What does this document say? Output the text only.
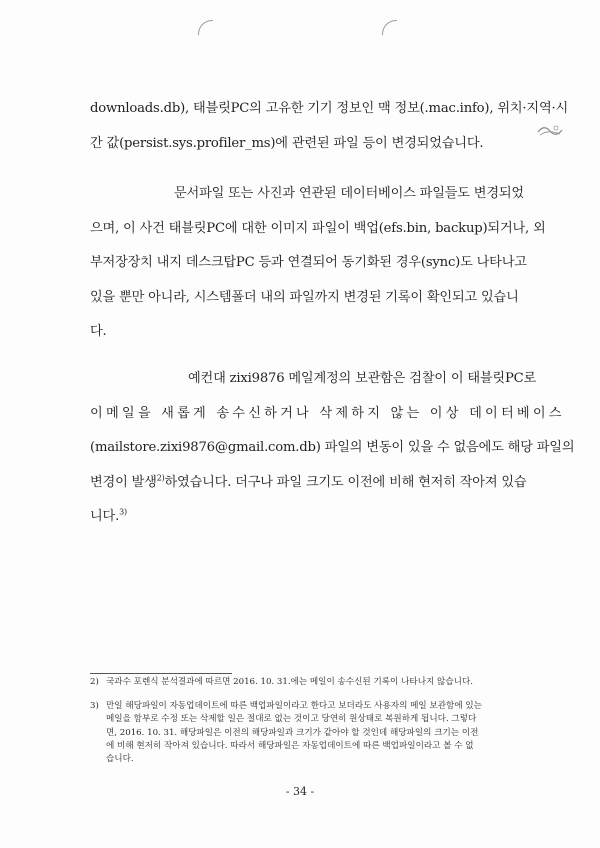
downloads.db), 태블릿PC의 고유한 기기 정보인 맥 정보(.mac.info), 위치·지역·시
간 값(persist.sys.profiler_ms)에 관련된 파일 등이 변경되었습니다.
문서파일 또는 사진과 연관된 데이터베이스 파일들도 변경되었
으며, 이 사건 태블릿PC에 대한 이미지 파일이 백업(efs.bin, backup)되거나, 외
부저장장치 내지 데스크탑PC 등과 연결되어 동기화된 경우(sync)도 나타나고
있을 뿐만 아니라, 시스템폴더 내의 파일까지 변경된 기록이 확인되고 있습니
다.
예컨대 zixi9876 메일계정의 보관함은 검찰이 이 태블릿PC로
이메일을 새롭게 송수신하거나 삭제하지 않는 이상 데이터베이스
(mailstore.zixi9876@gmail.com.db) 파일의 변동이 있을 수 없음에도 해당 파일의
변경이 발생$^{2)}$하였습니다. 더구나 파일 크기도 이전에 비해 현저히 작아져 있습
니다.$^{3)}$
2) 국과수 포렌식 분석결과에 따르면 2016. 10. 31.에는 메일이 송수신된 기록이 나타나지 않습니다.
3) 만일 해당파일이 자동업데이트에 따른 백업파일이라고 한다고 보더라도 사용자의 메일 보관함에 있는
메일을 함부로 수정 또는 삭제할 일은 절대로 없는 것이고 당연히 원상태로 복원하게 됩니다. 그렇다
면, 2016. 10. 31. 해당파일은 이전의 해당파일과 크기가 같아야 할 것인데 해당파일의 크기는 이전
에 비해 현저히 작아져 있습니다. 따라서 해당파일은 자동업데이트에 따른 백업파일이라고 볼 수 없
습니다.
- 34 -
